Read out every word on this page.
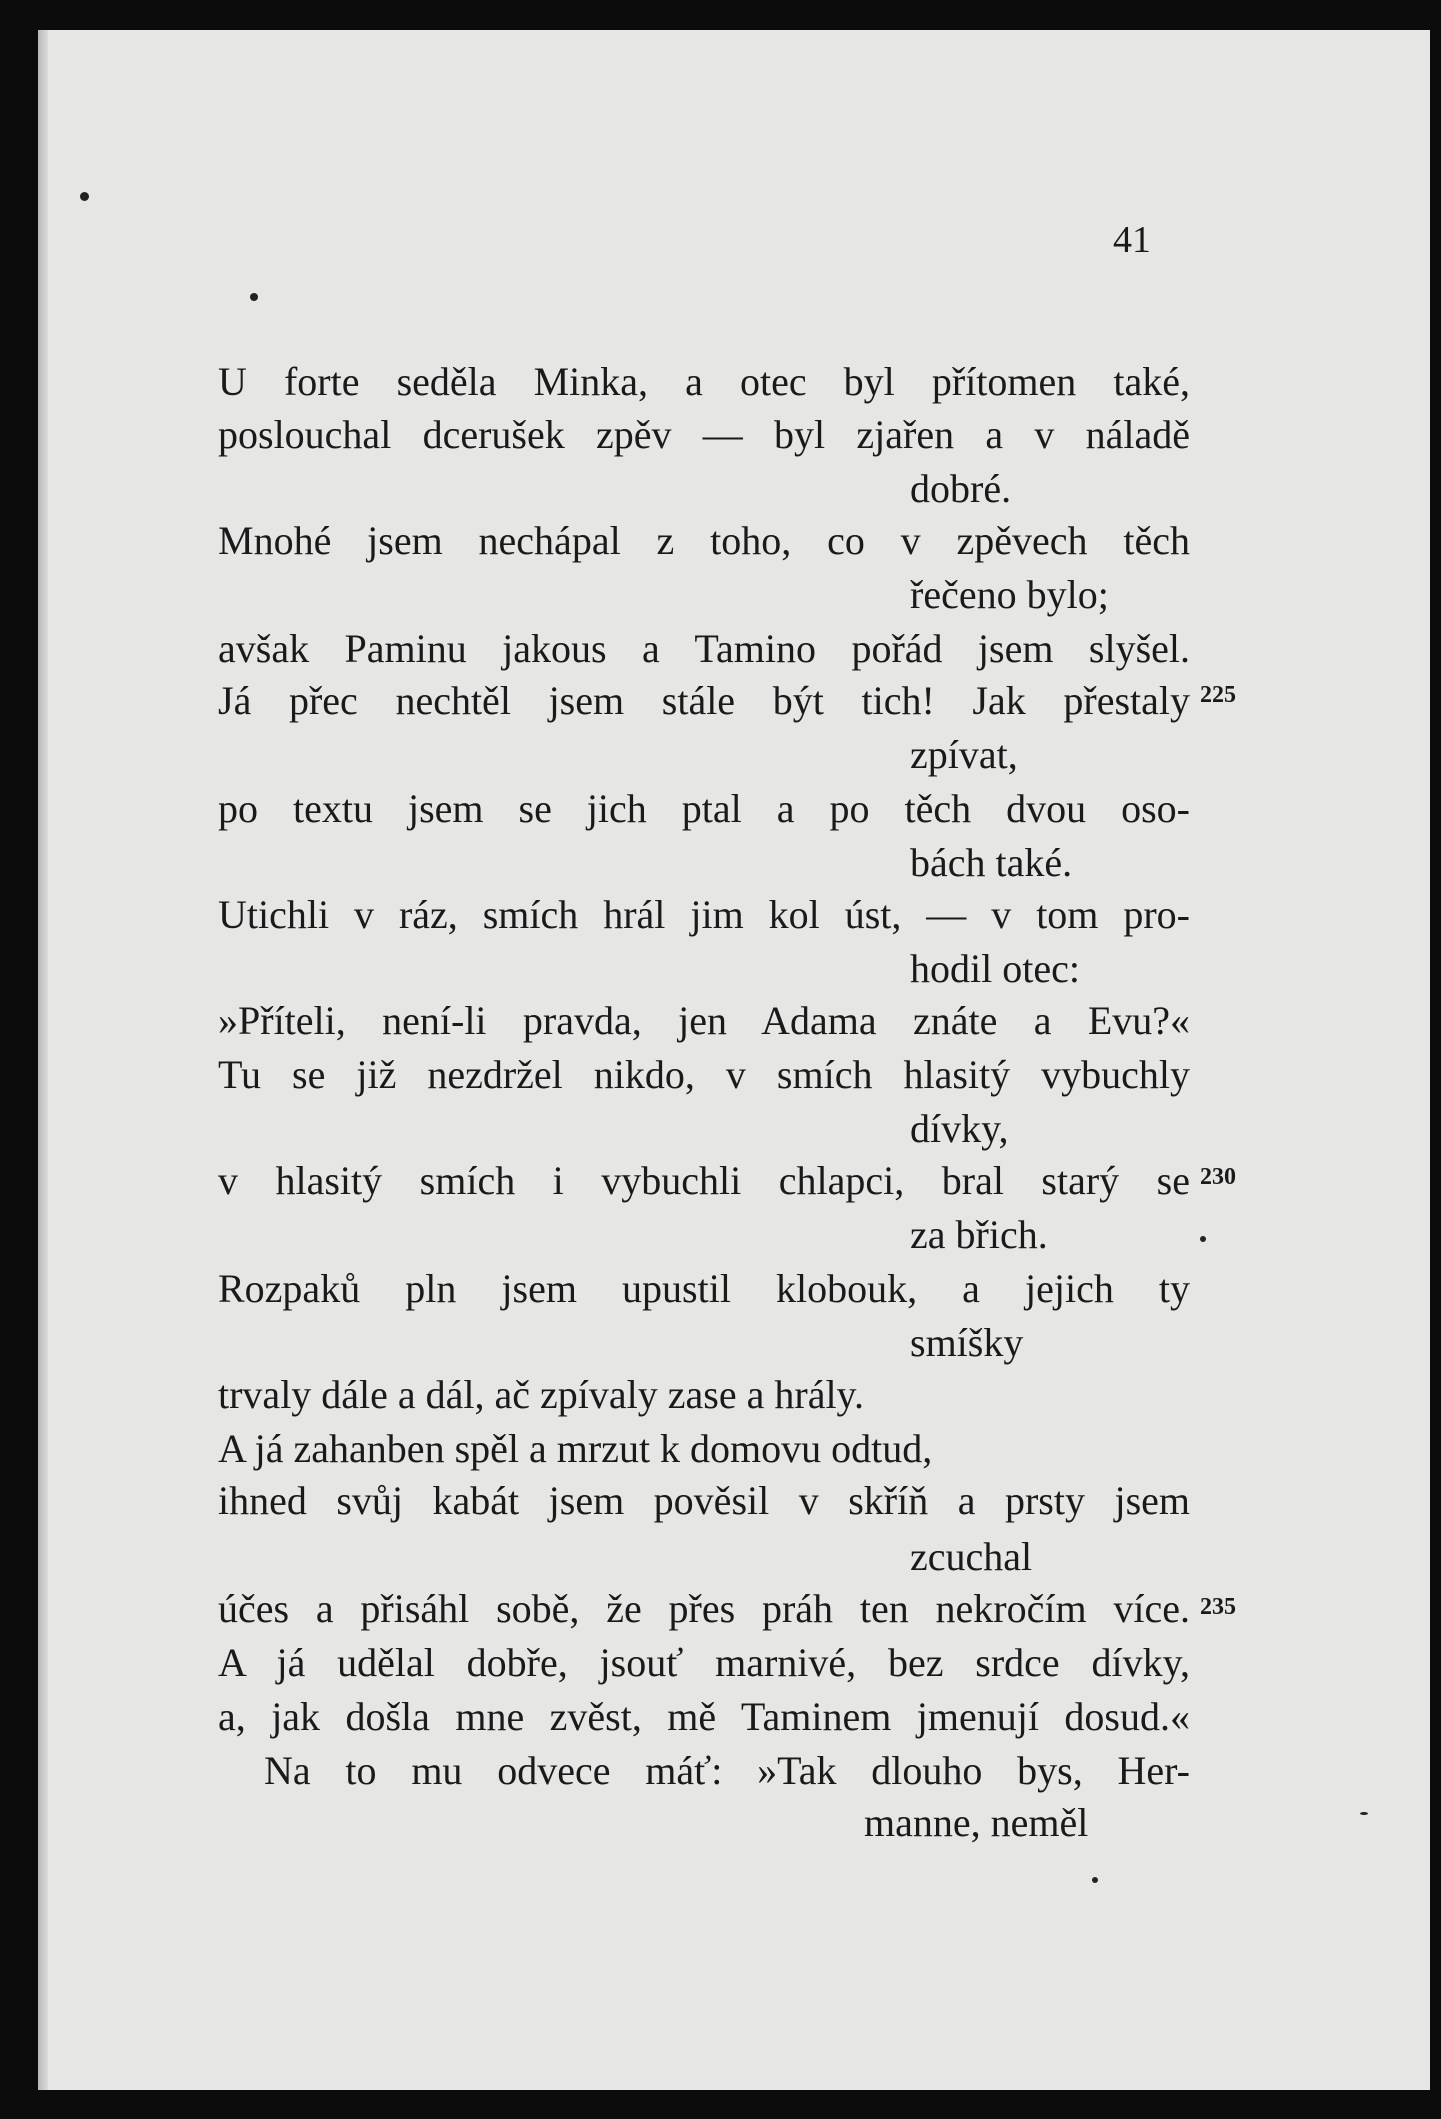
41
U forte seděla Minka, a otec byl přítomen také,
poslouchal dcerušek zpěv — byl zjařen a v náladě
dobré.
Mnohé jsem nechápal z toho, co v zpěvech těch
řečeno bylo;
avšak Paminu jakous a Tamino pořád jsem slyšel.
Já přec nechtěl jsem stále být tich! Jak přestaly
zpívat,
po textu jsem se jich ptal a po těch dvou oso-
bách také.
Utichli v ráz, smích hrál jim kol úst, — v tom pro-
hodil otec:
»Příteli, není-li pravda, jen Adama znáte a Evu?«
Tu se již nezdržel nikdo, v smích hlasitý vybuchly
dívky,
v hlasitý smích i vybuchli chlapci, bral starý se
za břich.
Rozpaků pln jsem upustil klobouk, a jejich ty
smíšky
trvaly dále a dál, ač zpívaly zase a hrály.
A já zahanben spěl a mrzut k domovu odtud,
ihned svůj kabát jsem pověsil v skříň a prsty jsem
zcuchal
účes a přisáhl sobě, že přes práh ten nekročím více.
A já udělal dobře, jsouť marnivé, bez srdce dívky,
a, jak došla mne zvěst, mě Taminem jmenují dosud.«
Na to mu odvece máť: »Tak dlouho bys, Her-
manne, neměl
225
230
235
